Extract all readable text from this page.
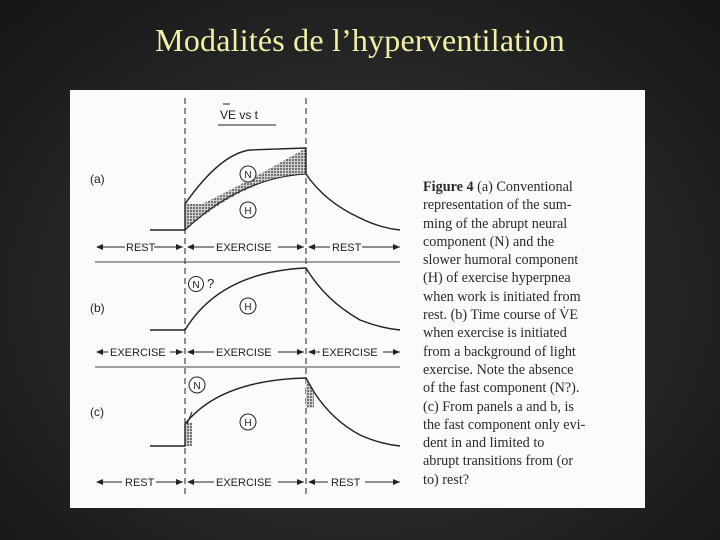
Modalités de l’hyperventilation
VE vs t
(a)	N
H
REST	EXERCISE	REST
(b)
N ?
H
EXERCISE	EXERCISE	EXERCISE
(c)
N
H
REST	EXERCISE	REST
Figure 4 (a) Conventional
representation of the sum-
ming of the abrupt neural
component (N) and the
slower humoral component
(H) of exercise hyperpnea
when work is initiated from
rest. (b) Time course of V̇E
when exercise is initiated
from a background of light
exercise. Note the absence
of the fast component (N?).
(c) From panels a and b, is
the fast component only evi-
dent in and limited to
abrupt transitions from (or
to) rest?
